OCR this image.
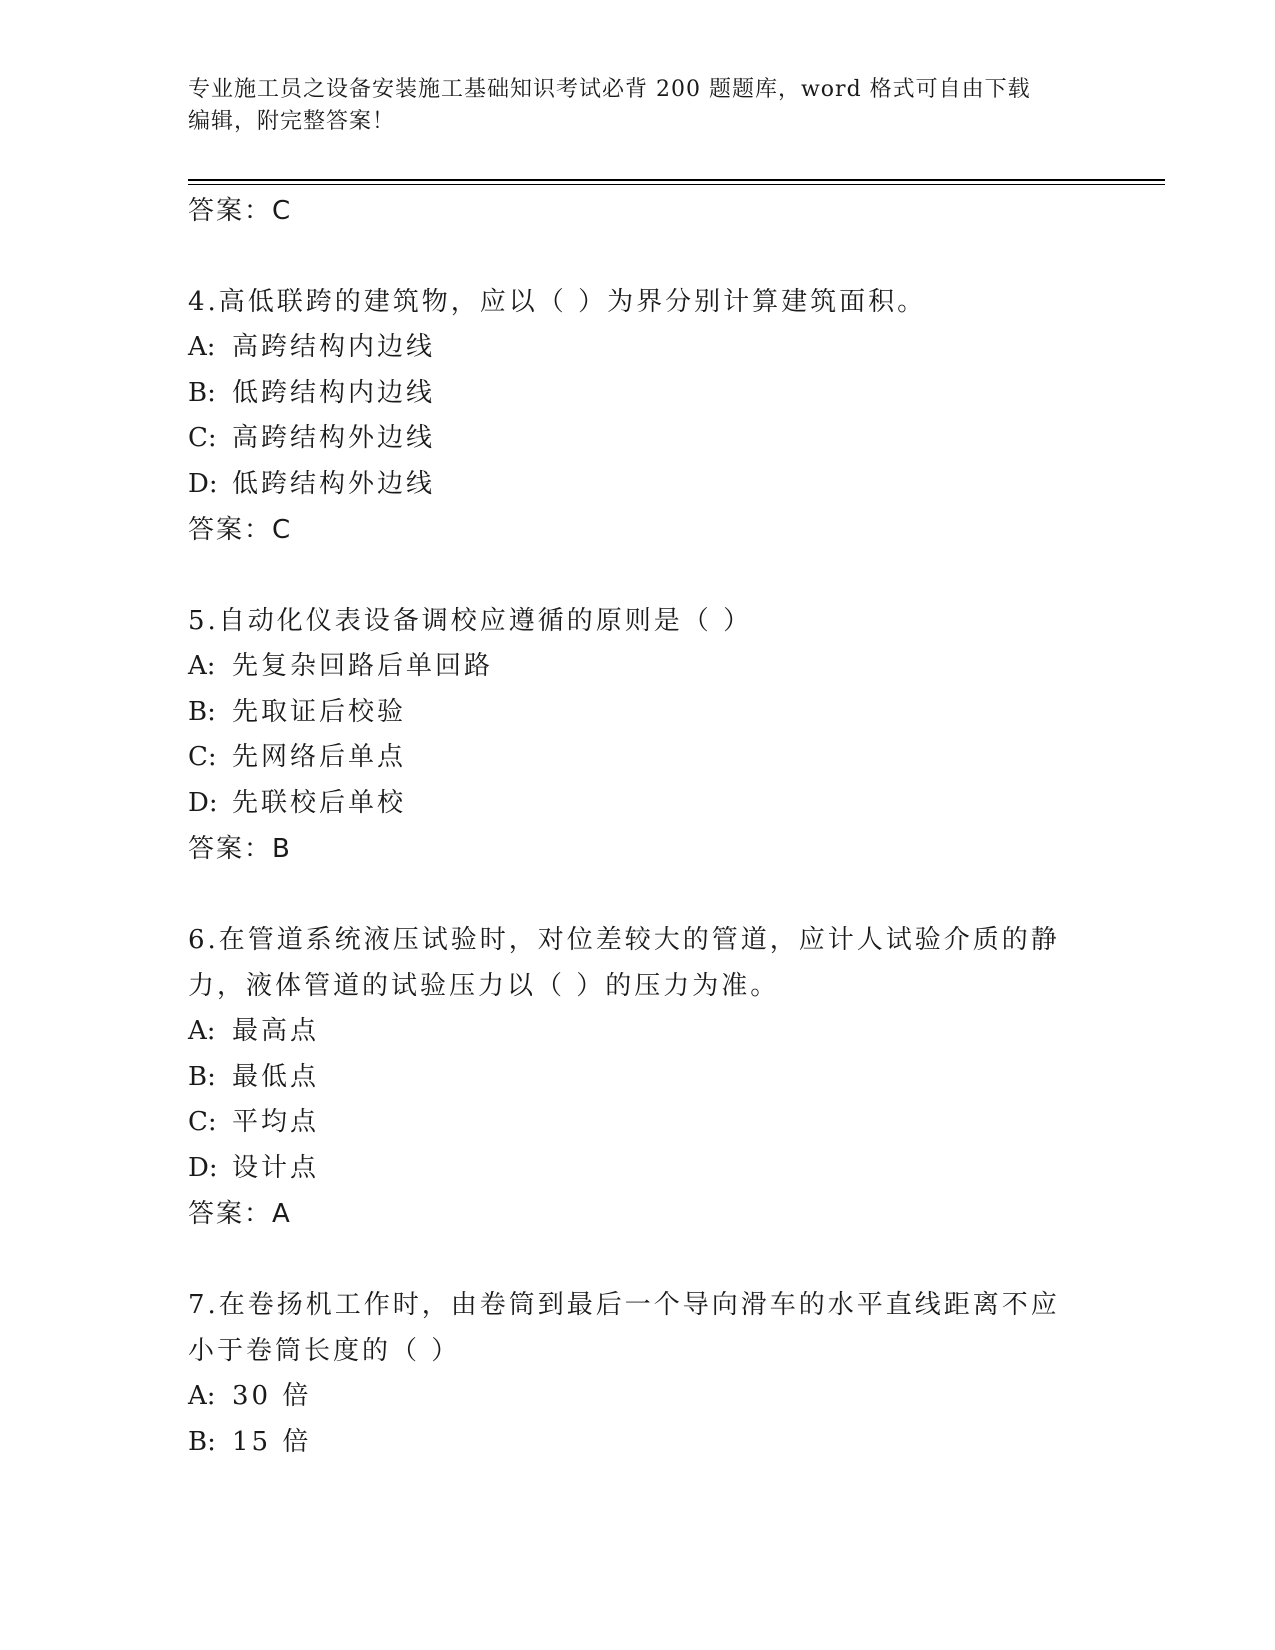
专业施工员之设备安装施工基础知识考试必背 200 题题库，word 格式可自由下载
编辑，附完整答案！
答案：C
4.高低联跨的建筑物，应以（ ）为界分别计算建筑面积。
A: 高跨结构内边线
B: 低跨结构内边线
C: 高跨结构外边线
D: 低跨结构外边线
答案：C
5.自动化仪表设备调校应遵循的原则是（ ）
A: 先复杂回路后单回路
B: 先取证后校验
C: 先网络后单点
D: 先联校后单校
答案：B
6.在管道系统液压试验时，对位差较大的管道，应计人试验介质的静力，液体管道的试验压力以（ ）的压力为准。
A: 最高点
B: 最低点
C: 平均点
D: 设计点
答案：A
7.在卷扬机工作时，由卷筒到最后一个导向滑车的水平直线距离不应小于卷筒长度的（ ）
A: 30 倍
B: 15 倍
